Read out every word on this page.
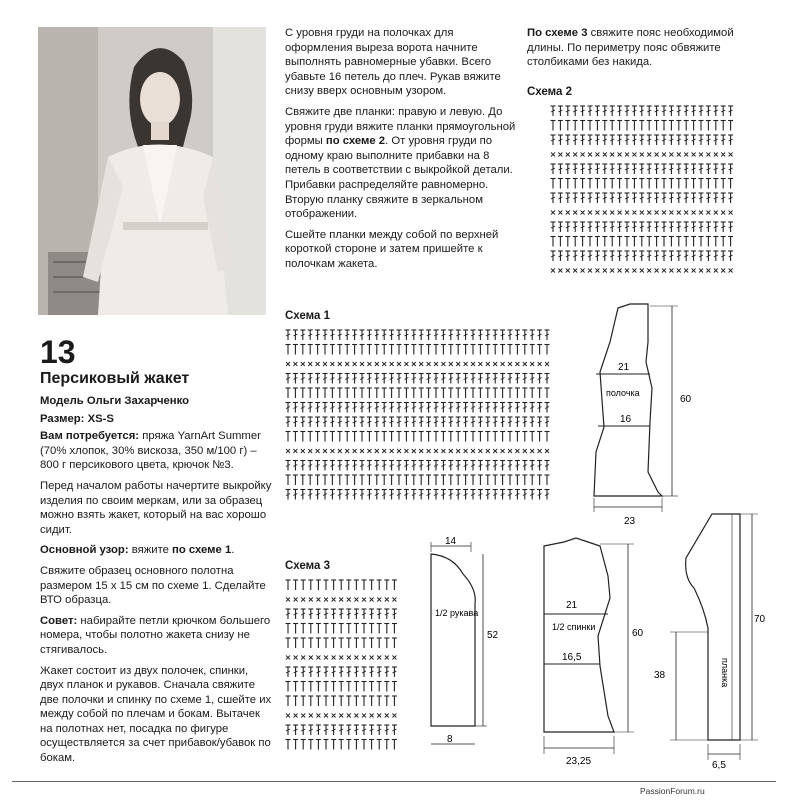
13
Персиковый жакет

Модель Ольги Захарченко

Размер: XS-S

Вам потребуется: пряжа YarnArt Summer (70% хлопок, 30% вискоза, 350 м/100 г) – 800 г персикового цвета, крючок №3.

Перед началом работы начертите выкройку изделия по своим меркам, или за образец можно взять жакет, который на вас хорошо сидит.

Основной узор: вяжите по схеме 1.

Свяжите образец основного полотна размером 15 х 15 см по схеме 1. Сделайте ВТО образца.

Совет: набирайте петли крючком большего номера, чтобы полотно жакета снизу не стягивалось.

Жакет состоит из двух полочек, спинки, двух планок и рукавов. Сначала свяжите две полочки и спинку по схеме 1, сшейте их между собой по плечам и бокам. Вытачек на полотнах нет, посадка по фигуре осуществляется за счет прибавок/убавок по бокам.

С уровня груди на полочках для оформления выреза ворота начните выполнять равномерные убавки. Всего убавьте 16 петель до плеч. Рукав вяжите снизу вверх основным узором.

Свяжите две планки: правую и левую. До уровня груди вяжите планки прямоугольной формы по схеме 2. От уровня груди по одному краю выполните прибавки на 8 петель в соответствии с выкройкой детали. Прибавки распределяйте равномерно. Вторую планку свяжите в зеркальном отображении.

Сшейте планки между собой по верхней короткой стороне и затем пришейте к полочкам жакета.

По схеме 3 свяжите пояс необходимой длины. По периметру пояс обвяжите столбиками без накида.

Схема 2
Схема 1
Схема 3
21
полочка
16
23
60
14
1/2 рукава
52
8
21
1/2 спинки
16,5
60
23,25
планка
70
38
6,5
PassionForum.ru
